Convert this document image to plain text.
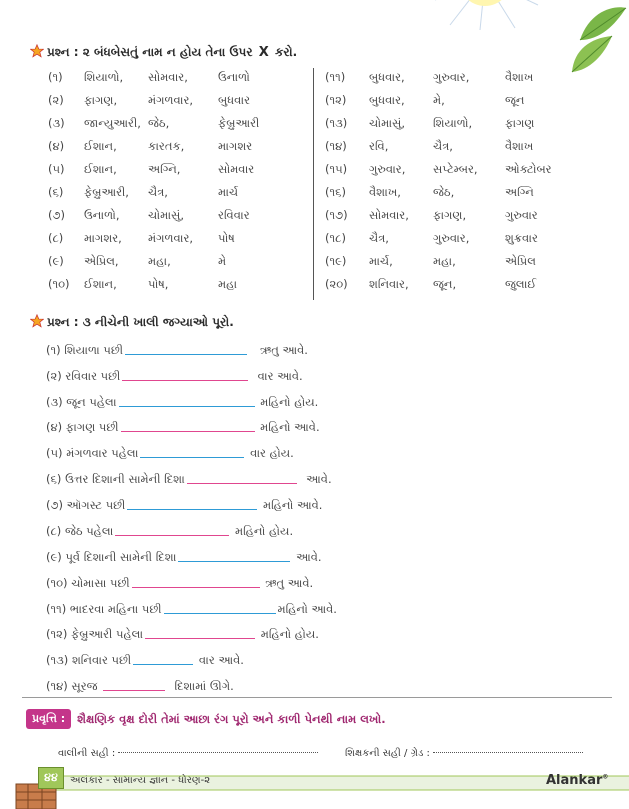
પ્રશ્ન : ૨ બંધબેસતું નામ ન હોય તેના ઉપર X કરો.
(૧) શિયાળો, સોમવાર,	ઉનાળો
(૨) ફાગણ,	મંગળવાર, બુધવાર
(૩) જાન્યુઆરી, જેઠ,	ફેબ્રુઆરી
(૪) ઈશાન,	કારતક,	માગશર
(૫) ઈશાન,	અગ્નિ,	સોમવાર
(૬) ફેબ્રુઆરી, ચૈત્ર,	માર્ચ
(૭) ઉનાળો, ચોમાસું,	રવિવાર
(૮) માગશર, મંગળવાર, પોષ
(૯) એપ્રિલ,	મહા,	મે
(૧૦) ઈશાન,	પોષ,	મહા
(૧૧) બુધવાર, ગુરુવાર,	વૈશાખ
(૧૨) બુધવાર, મે,	જૂન
(૧૩) ચોમાસું, શિયાળો,	ફાગણ
(૧૪) રવિ,	ચૈત્ર,	વૈશાખ
(૧૫) ગુરુવાર, સપ્ટેમ્બર, ઓક્ટોબર
(૧૬) વૈશાખ,	જેઠ,	અગ્નિ
(૧૭) સોમવાર, ફાગણ,	ગુરુવાર
(૧૮) ચૈત્ર,	ગુરુવાર,	શુક્રવાર
(૧૯) માર્ચ,	મહા,	એપ્રિલ
(૨૦) શનિવાર, જૂન,	જુલાઈ
પ્રશ્ન : ૩ નીચેની ખાલી જગ્યાઓ પૂરો.
(૧)
શિયાળા પછી
	ઋતુ આવે.
(૨)
રવિવાર પછી
	વાર આવે.
(૩)
જૂન પહેલા
	મહિનો હોય.
(૪)
ફાગણ પછી
	મહિનો આવે.
(૫)
મંગળવાર પહેલા
	વાર હોય.
(૬)
ઉત્તર દિશાની સામેની દિશા
	આવે.
(૭)
ઑગસ્ટ પછી
	મહિનો આવે.
(૮)
જેઠ પહેલા
	મહિનો હોય.
(૯)
પૂર્વ દિશાની સામેની દિશા
	આવે.
(૧૦)
ચોમાસા પછી
	ઋતુ આવે.
(૧૧)
ભાદરવા મહિના પછી	મહિનો આવે.
(૧૨)
ફેબ્રુઆરી પહેલા
	મહિનો હોય.
(૧૩)
શનિવાર પછી
	વાર આવે.
(૧૪)
સૂરજ

	દિશામાં ઊગે.
પ્રવૃત્તિ :	શૈક્ષણિક વૃક્ષ દોરી તેમાં આછા રંગ પૂરો અને કાળી પેનથી નામ લખો.
વાલીની સહી :	શિક્ષકની સહી / ગ્રેડ :
૪૪	અલંકાર - સામાન્ય જ્ઞાન - ધોરણ-૨	Alankar®
